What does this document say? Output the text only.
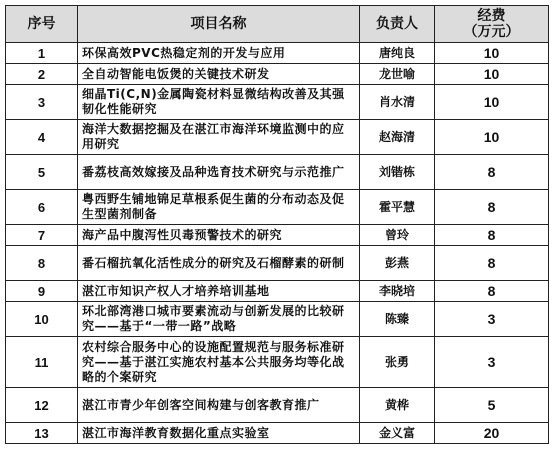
序号	项目名称	负责人	经费
（万元）
1	环保高效PVC热稳定剂的开发与应用	唐纯良	10
2	全自动智能电饭煲的关键技术研发	龙世喻	10
3	细晶Ti(C,N)金属陶瓷材料显微结构改善及其强韧化性能研究	肖水清	10
4	海洋大数据挖掘及在湛江市海洋环境监测中的应用研究	赵海清	10
5	番荔枝高效嫁接及品种选育技术研究与示范推广	刘锴栋	8
6	粤西野生铺地锦足草根系促生菌的分布动态及促生型菌剂制备	霍平慧	8
7	海产品中腹泻性贝毒预警技术的研究	曾玲	8
8	番石榴抗氧化活性成分的研究及石榴酵素的研制	彭燕	8
9	湛江市知识产权人才培养培训基地	李晓培	8
10	环北部湾港口城市要素流动与创新发展的比较研究——基于“一带一路”战略	陈臻	3
11	农村综合服务中心的设施配置规范与服务标准研究——基于湛江实施农村基本公共服务均等化战略的个案研究	张勇	3
12	湛江市青少年创客空间构建与创客教育推广	黄桦	5
13	湛江市海洋教育数据化重点实验室	金义富	20
